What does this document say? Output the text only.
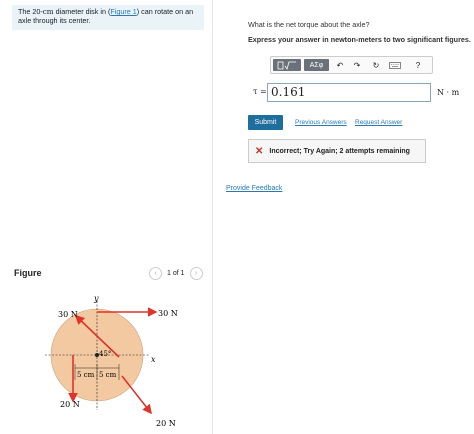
The 20-cm diameter disk in (Figure 1) can rotate on an axle through its center.
Figure	‹	1 of 1	›
y
x
45°
5 cm 5 cm
30 N	30 N
20 N
20 N
What is the net torque about the axle?
Express your answer in newton-meters to two significant figures.
ΑΣφ	↶	↷	↻	?
τ = 0.161	N · m
Submit	Previous Answers Request Answer
✕ Incorrect; Try Again; 2 attempts remaining
Provide Feedback
